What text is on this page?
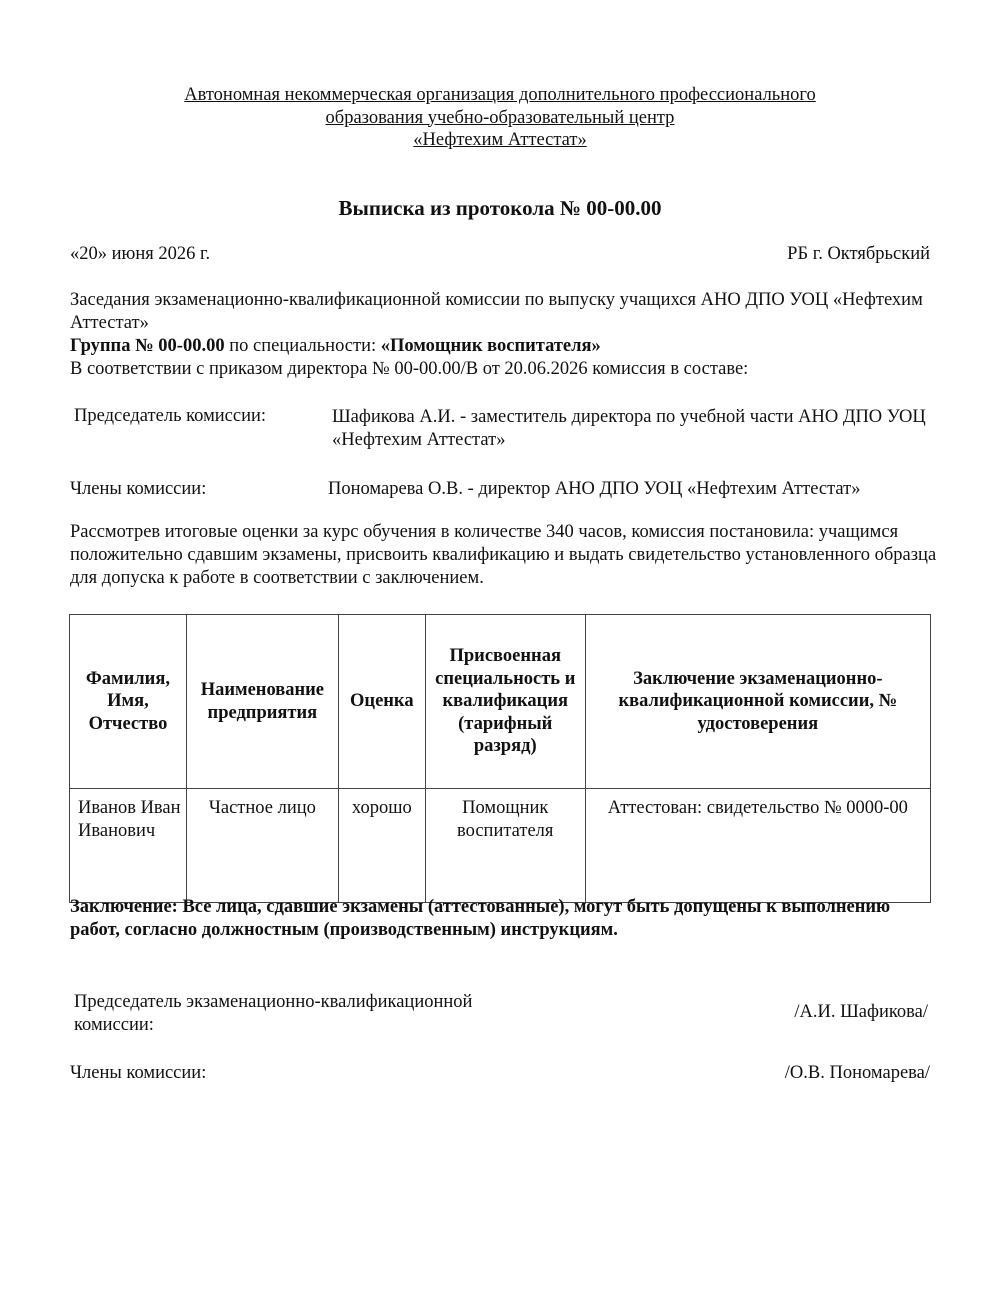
Автономная некоммерческая организация дополнительного профессионального
образования учебно-образовательный центр
«Нефтехим Аттестат»
Выписка из протокола № 00-00.00
«20» июня 2026 г.	РБ г. Октябрьский
Заседания экзаменационно-квалификационной комиссии по выпуску учащихся АНО ДПО УОЦ «Нефтехим Аттестат»
Группа № 00-00.00 по специальности: «Помощник воспитателя»
В соответствии с приказом директора № 00-00.00/В от 20.06.2026 комиссия в составе:
Председатель комиссии:	Шафикова А.И. - заместитель директора по учебной части АНО ДПО УОЦ «Нефтехим Аттестат»
Члены комиссии:	Пономарева О.В. - директор АНО ДПО УОЦ «Нефтехим Аттестат»
Рассмотрев итоговые оценки за курс обучения в количестве 340 часов, комиссия постановила: учащимся положительно сдавшим экзамены, присвоить квалификацию и выдать свидетельство установленного образца для допуска к работе в соответствии с заключением.
Фамилия, Имя, Отчество	Наименование предприятия	Оценка	Присвоенная специальность и квалификация (тарифный разряд)	Заключение экзаменационно-квалификационной комиссии, № удостоверения
Иванов Иван Иванович	Частное лицо	хорошо	Помощник воспитателя	Аттестован: свидетельство № 0000-00
Заключение: Все лица, сдавшие экзамены (аттестованные), могут быть допущены к выполнению работ, согласно должностным (производственным) инструкциям.
Председатель экзаменационно-квалификационной комиссии:
/А.И. Шафикова/
Члены комиссии:	/О.В. Пономарева/
